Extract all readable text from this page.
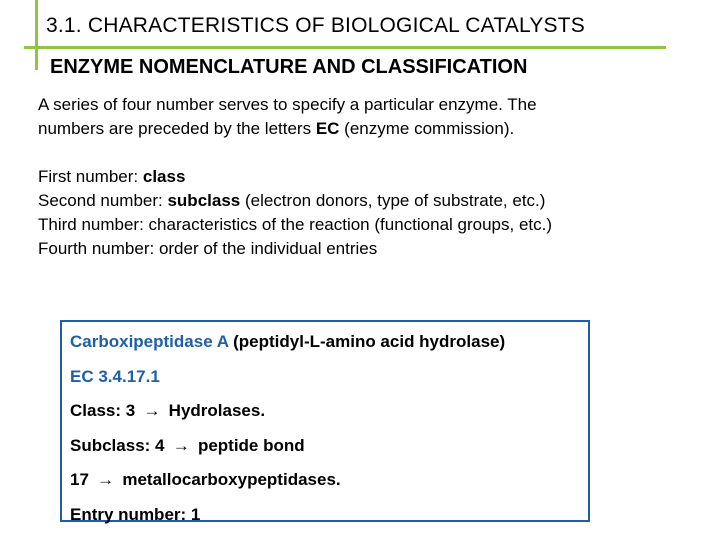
3.1. CHARACTERISTICS OF BIOLOGICAL CATALYSTS
ENZYME NOMENCLATURE AND CLASSIFICATION

A series of four number serves to specify a particular enzyme. The

numbers are preceded by the letters EC (enzyme commission).

First number: class

Second number: subclass (electron donors, type of substrate, etc.)

Third number: characteristics of the reaction (functional groups, etc.)

Fourth number: order of the individual entries

Carboxipeptidase A (peptidyl-L-amino acid hydrolase)
EC 3.4.17.1
Class: 3 → Hydrolases.
Subclass: 4 → peptide bond
17 → metallocarboxypeptidases.
Entry number: 1
